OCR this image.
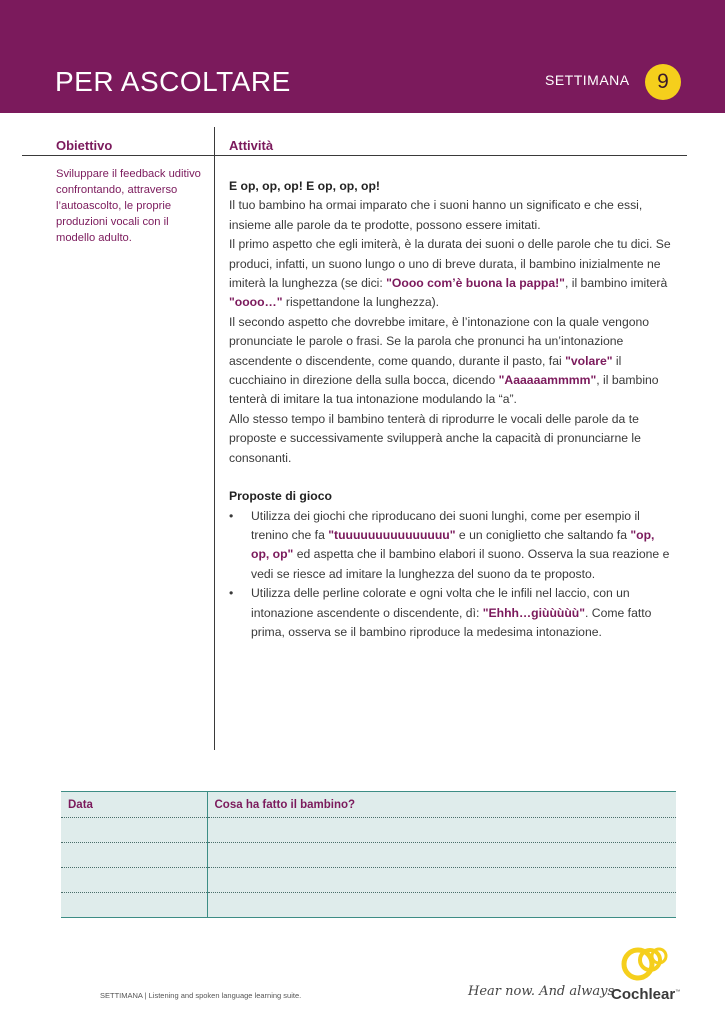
PER ASCOLTARE	SETTIMANA	9
Obiettivo	Attività
Sviluppare il feedback uditivo confrontando, attraverso l’autoascolto, le proprie produzioni vocali con il modello adulto.

E op, op, op! E op, op, op!

Il tuo bambino ha ormai imparato che i suoni hanno un significato e che essi, insieme alle parole da te prodotte, possono essere imitati.

Il primo aspetto che egli imiterà, è la durata dei suoni o delle parole che tu dici. Se produci, infatti, un suono lungo o uno di breve durata, il bambino inizialmente ne imiterà la lunghezza (se dici: "Oooo com’è buona la pappa!", il bambino imiterà "oooo…" rispettandone la lunghezza).

Il secondo aspetto che dovrebbe imitare, è l’intonazione con la quale vengono pronunciate le parole o frasi. Se la parola che pronunci ha un’intonazione ascendente o discendente, come quando, durante il pasto, fai "volare" il cucchiaino in direzione della sulla bocca, dicendo "Aaaaaammmm", il bambino tenterà di imitare la tua intonazione modulando la “a”.

Allo stesso tempo il bambino tenterà di riprodurre le vocali delle parole da te proposte e successivamente svilupperà anche la capacità di pronunciarne le consonanti.

Proposte di gioco

• Utilizza dei giochi che riproducano dei suoni lunghi, come per esempio il trenino che fa "tuuuuuuuuuuuuuuu" e un coniglietto che saltando fa "op, op, op" ed aspetta che il bambino elabori il suono. Osserva la sua reazione e vedi se riesce ad imitare la lunghezza del suono da te proposto.
• Utilizza delle perline colorate e ogni volta che le infili nel laccio, con un intonazione ascendente o discendente, dì: "Ehhh…giùùùùù". Come fatto prima, osserva se il bambino riproduce la medesima intonazione.
Data	Cosa ha fatto il bambino?

SETTIMANA | Listening and spoken language learning suite.	Hear now. And always
Cochlear™
